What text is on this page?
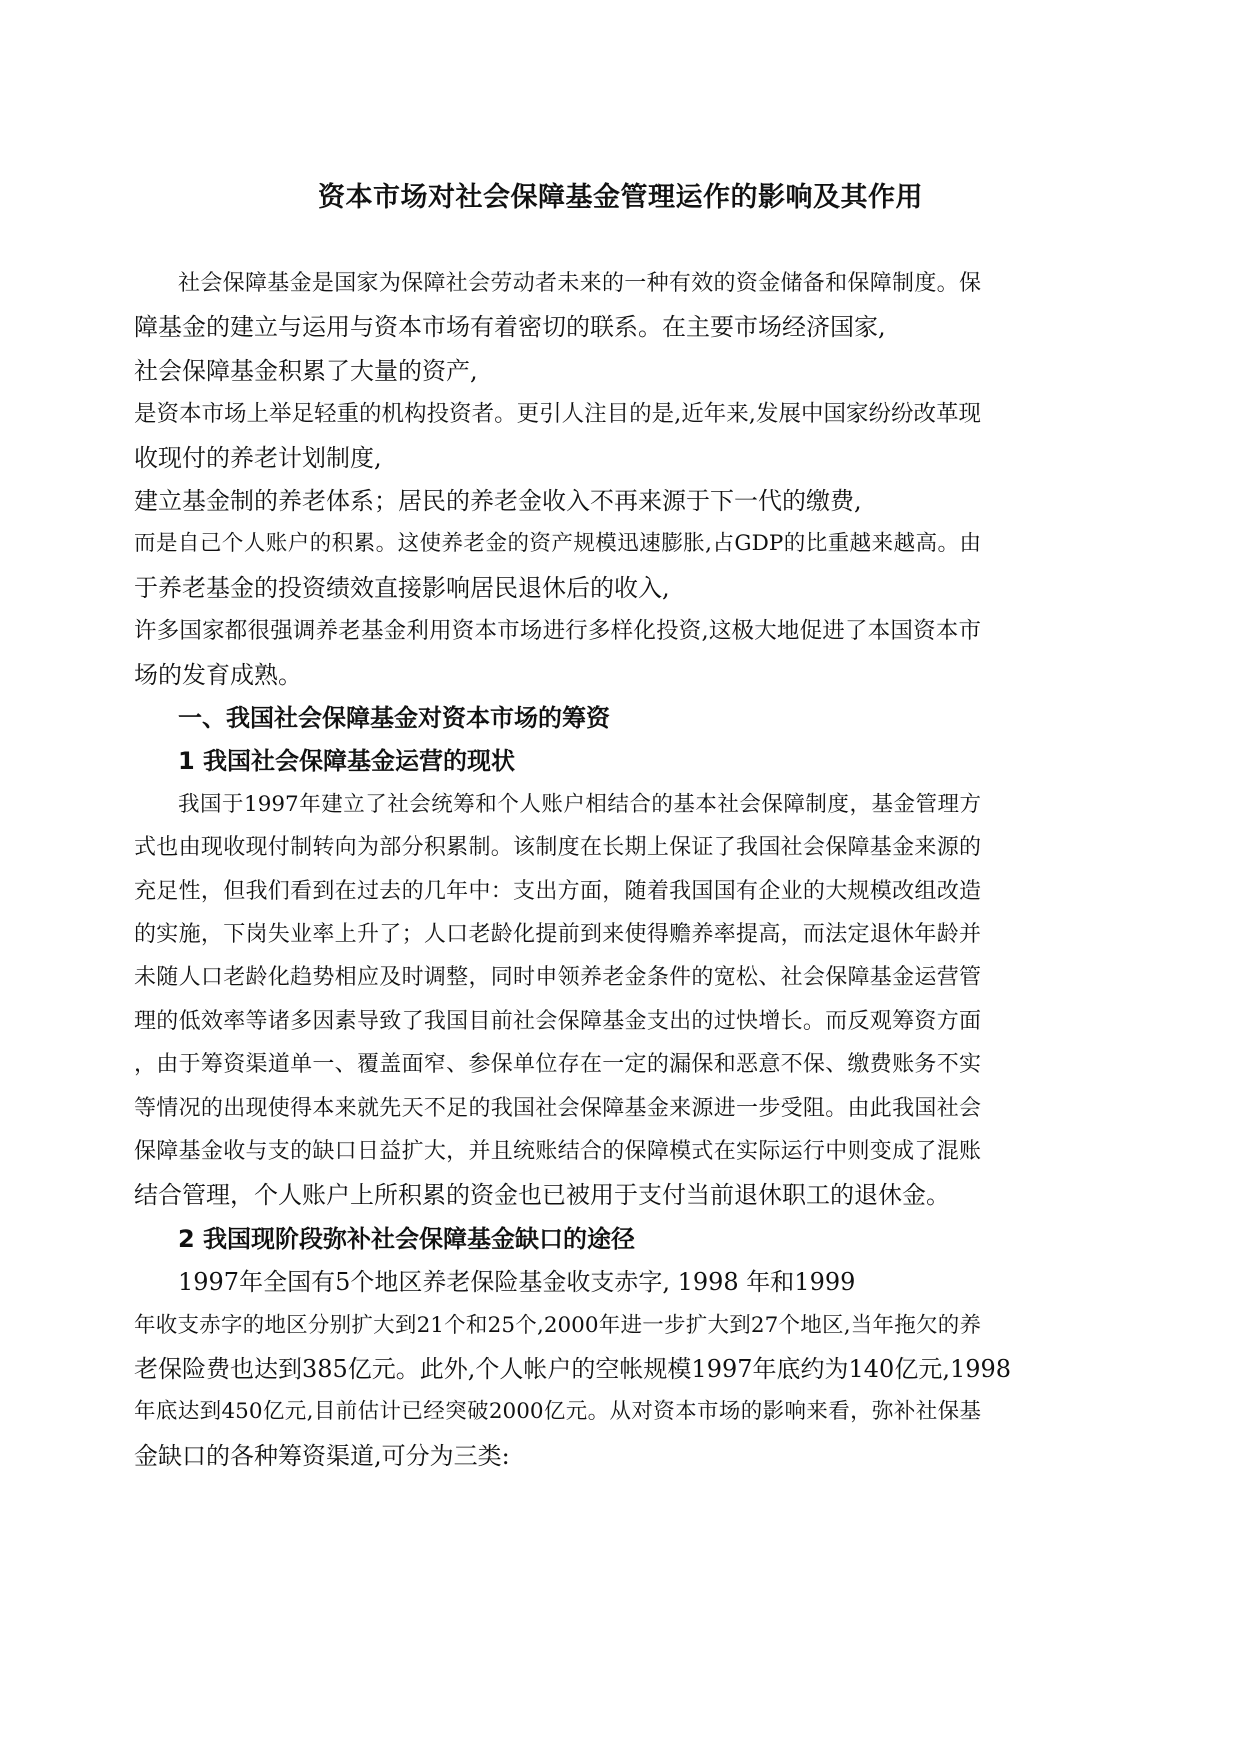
资本市场对社会保障基金管理运作的影响及其作用
社会保障基金是国家为保障社会劳动者未来的一种有效的资金储备和保障制度。保
障基金的建立与运用与资本市场有着密切的联系。在主要市场经济国家,
社会保障基金积累了大量的资产,
是资本市场上举足轻重的机构投资者。更引人注目的是,近年来,发展中国家纷纷改革现
收现付的养老计划制度,
建立基金制的养老体系；居民的养老金收入不再来源于下一代的缴费,
而是自己个人账户的积累。这使养老金的资产规模迅速膨胀,占GDP的比重越来越高。由
于养老基金的投资绩效直接影响居民退休后的收入,
许多国家都很强调养老基金利用资本市场进行多样化投资,这极大地促进了本国资本市
场的发育成熟。
一、我国社会保障基金对资本市场的筹资
1 我国社会保障基金运营的现状
我国于1997年建立了社会统筹和个人账户相结合的基本社会保障制度，基金管理方
式也由现收现付制转向为部分积累制。该制度在长期上保证了我国社会保障基金来源的
充足性，但我们看到在过去的几年中：支出方面，随着我国国有企业的大规模改组改造
的实施，下岗失业率上升了；人口老龄化提前到来使得赡养率提高，而法定退休年龄并
未随人口老龄化趋势相应及时调整，同时申领养老金条件的宽松、社会保障基金运营管
理的低效率等诸多因素导致了我国目前社会保障基金支出的过快增长。而反观筹资方面
，由于筹资渠道单一、覆盖面窄、参保单位存在一定的漏保和恶意不保、缴费账务不实
等情况的出现使得本来就先天不足的我国社会保障基金来源进一步受阻。由此我国社会
保障基金收与支的缺口日益扩大，并且统账结合的保障模式在实际运行中则变成了混账
结合管理，个人账户上所积累的资金也已被用于支付当前退休职工的退休金。
2 我国现阶段弥补社会保障基金缺口的途径
1997年全国有5个地区养老保险基金收支赤字, 1998 年和1999
年收支赤字的地区分别扩大到21个和25个,2000年进一步扩大到27个地区,当年拖欠的养
老保险费也达到385亿元。此外,个人帐户的空帐规模1997年底约为140亿元,1998
年底达到450亿元,目前估计已经突破2000亿元。从对资本市场的影响来看，弥补社保基
金缺口的各种筹资渠道,可分为三类:
